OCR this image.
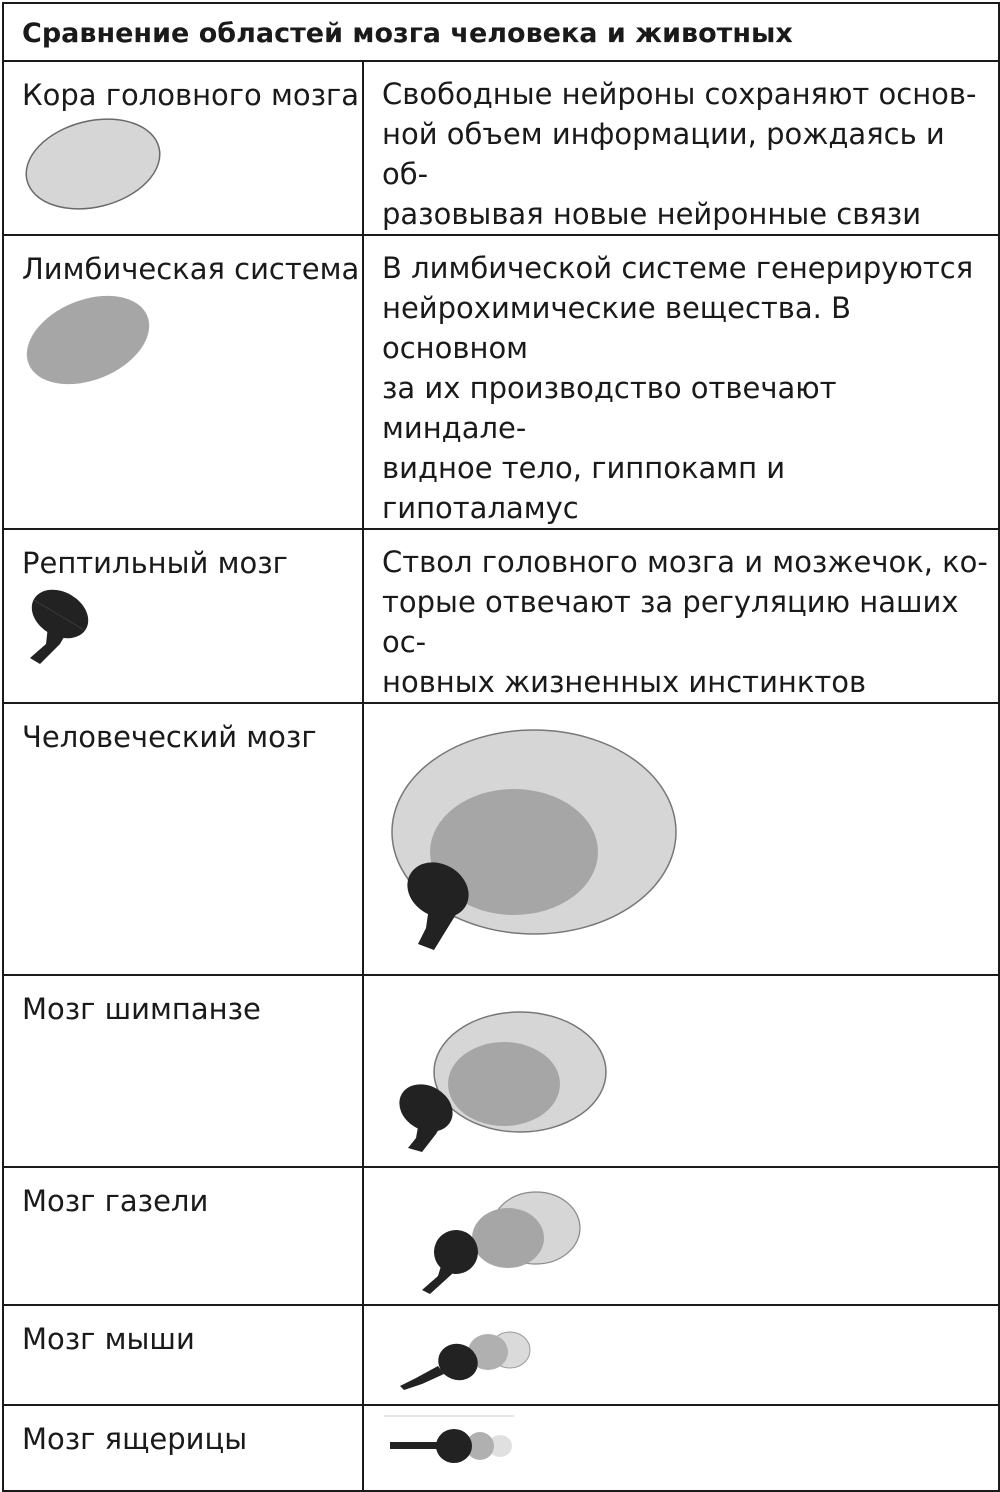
Сравнение областей мозга человека и животных	

Кора головного мозга	Свободные нейроны сохраняют основ-
ной объем информации, рождаясь и об-
разовывая новые нейронные связи

Лимбическая система	В лимбической системе генерируются
нейрохимические вещества. В основном
за их производство отвечают миндале-
видное тело, гиппокамп и гипоталамус

Рептильный мозг	Ствол головного мозга и мозжечок, ко-
торые отвечают за регуляцию наших ос-
новных жизненных инстинктов

Человеческий мозг

Мозг шимпанзе

Мозг газели

Мозг мыши

Мозг ящерицы
